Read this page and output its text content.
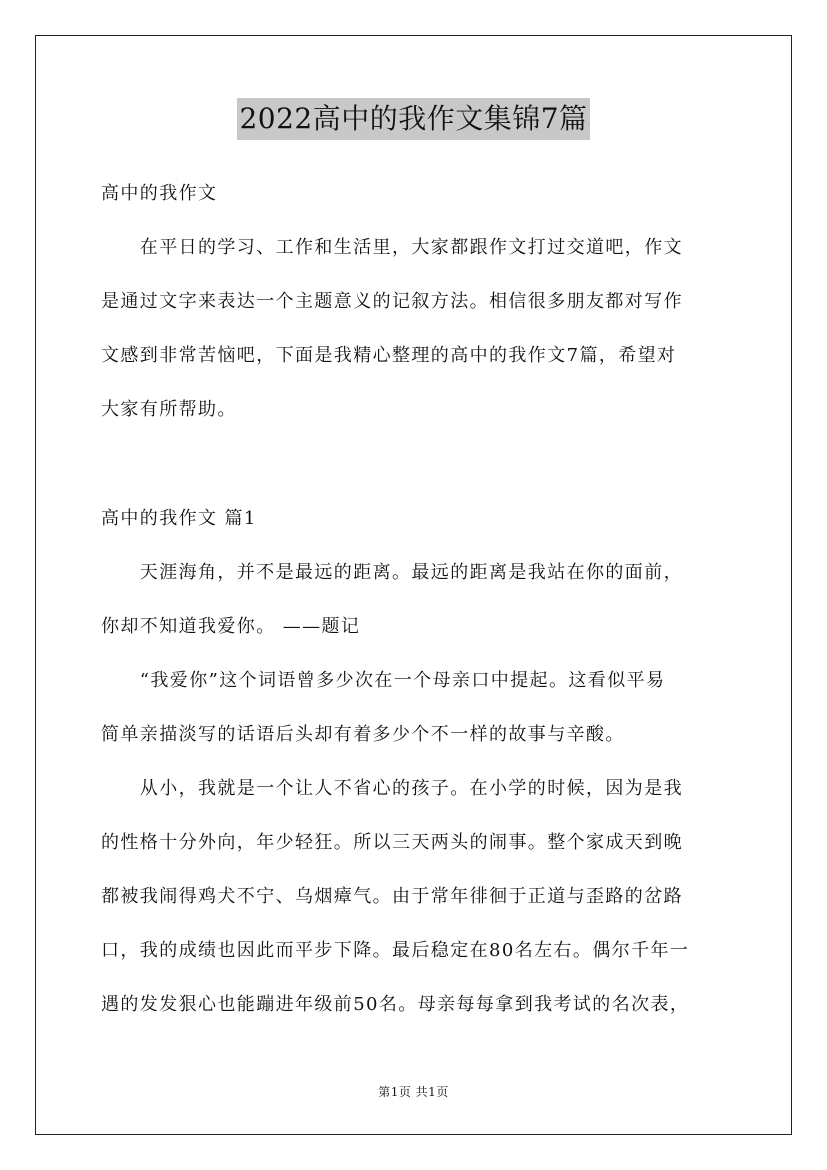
2022高中的我作文集锦7篇
高中的我作文
　　在平日的学习、工作和生活里，大家都跟作文打过交道吧，作文
是通过文字来表达一个主题意义的记叙方法。相信很多朋友都对写作
文感到非常苦恼吧，下面是我精心整理的高中的我作文7篇，希望对
大家有所帮助。
高中的我作文 篇1
　　天涯海角，并不是最远的距离。最远的距离是我站在你的面前，
你却不知道我爱你。 ——题记
　　“我爱你”这个词语曾多少次在一个母亲口中提起。这看似平易
简单亲描淡写的话语后头却有着多少个不一样的故事与辛酸。
　　从小，我就是一个让人不省心的孩子。在小学的时候，因为是我
的性格十分外向，年少轻狂。所以三天两头的闹事。整个家成天到晚
都被我闹得鸡犬不宁、乌烟瘴气。由于常年徘徊于正道与歪路的岔路
口，我的成绩也因此而平步下降。最后稳定在80名左右。偶尔千年一
遇的发发狠心也能蹦进年级前50名。母亲每每拿到我考试的名次表，
第1页 共1页
